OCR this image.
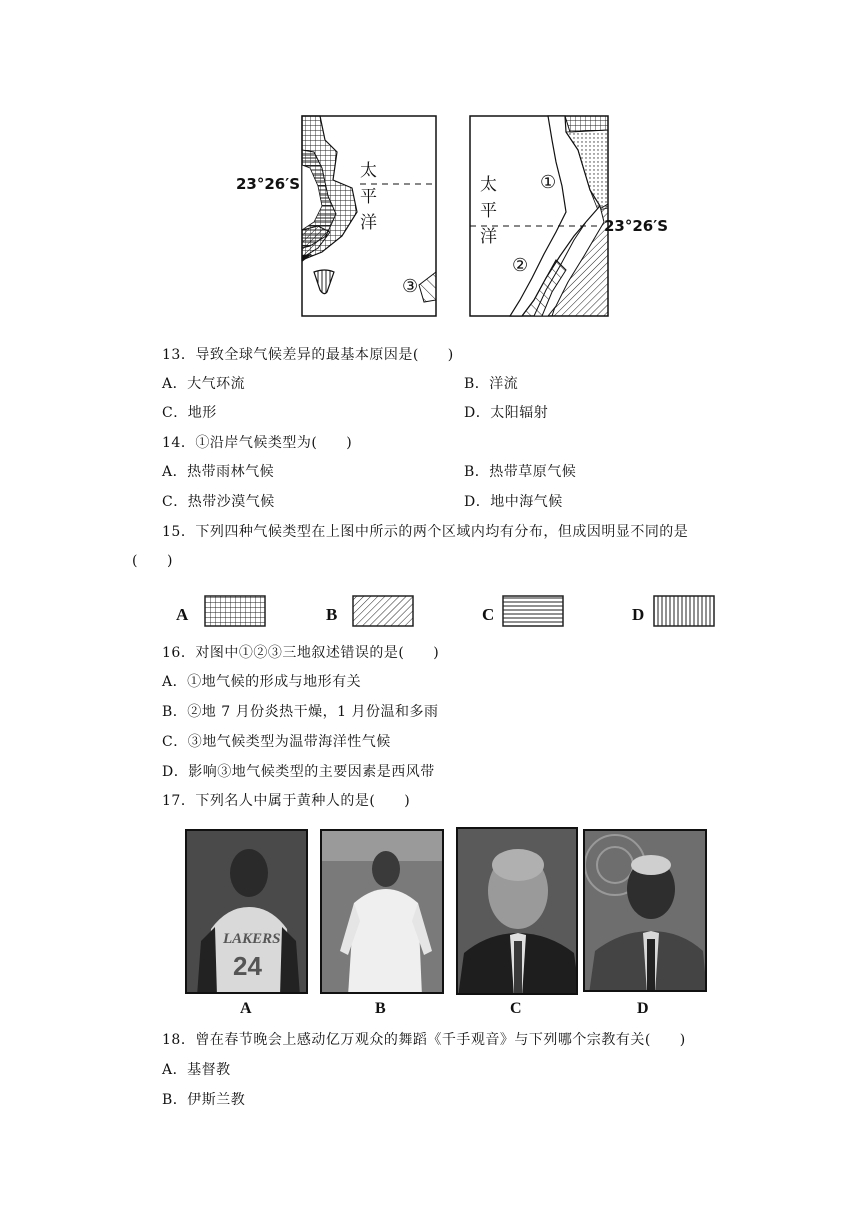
23°26′S
23°26′S
太
平
洋
太
平
洋
①
②
③
13．导致全球气候差异的最基本原因是(　　)
A．大气环流	B．洋流
C．地形	D．太阳辐射
14．①沿岸气候类型为(　　)
A．热带雨林气候	B．热带草原气候
C．热带沙漠气候	D．地中海气候
15．下列四种气候类型在上图中所示的两个区域内均有分布，但成因明显不同的是
(　　)
A	B	C	D
16．对图中①②③三地叙述错误的是(　　)
A．①地气候的形成与地形有关
B．②地 7 月份炎热干燥，1 月份温和多雨
C．③地气候类型为温带海洋性气候
D．影响③地气候类型的主要因素是西风带
17．下列名人中属于黄种人的是(　　)
LAKERS
24
A	B	C	D
18．曾在春节晚会上感动亿万观众的舞蹈《千手观音》与下列哪个宗教有关(　　)
A．基督教
B．伊斯兰教
